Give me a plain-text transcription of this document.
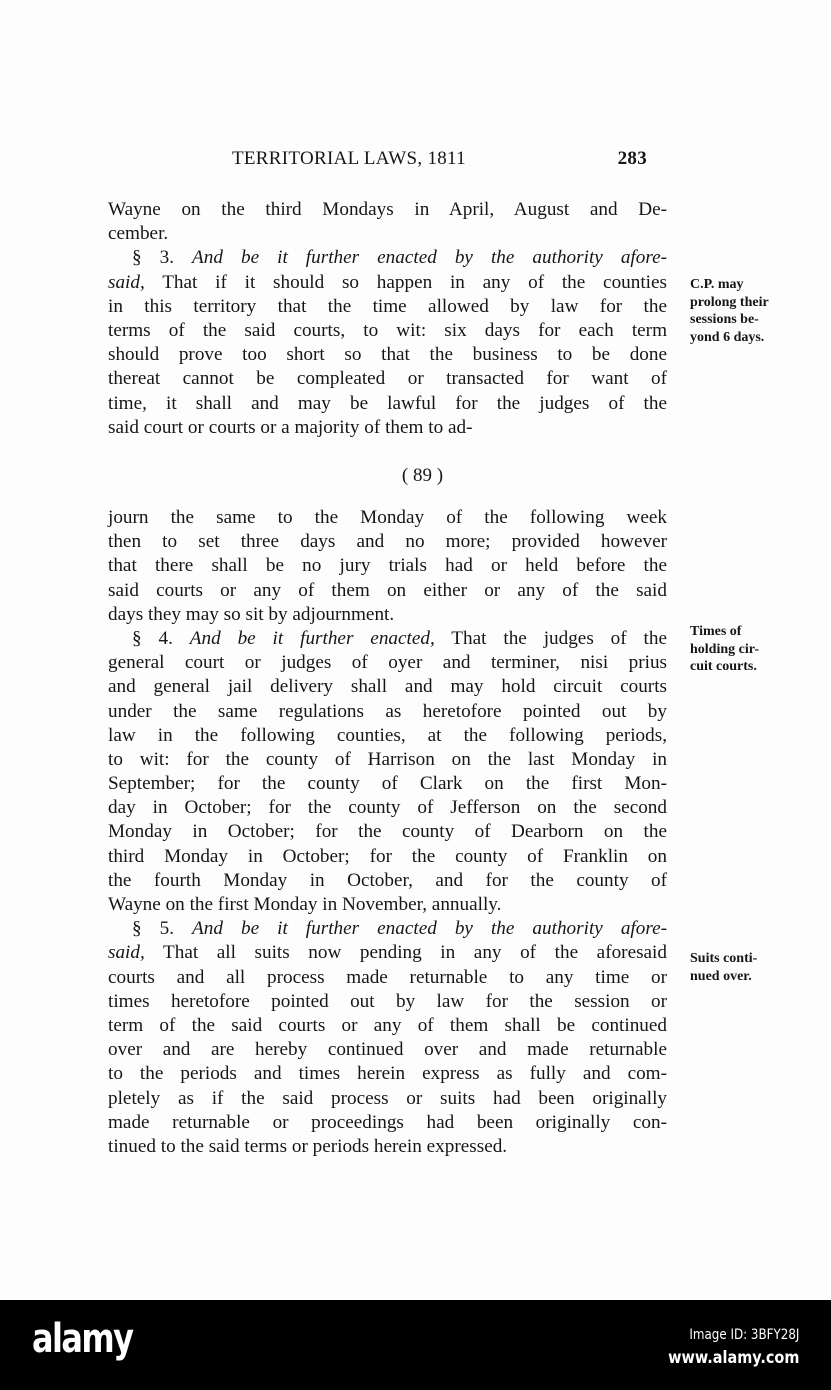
TERRITORIAL LAWS, 1811	283
Wayne on the third Mondays in April, August and De-
cember.
§ 3. And be it further enacted by the authority afore-
said, That if it should so happen in any of the counties
in this territory that the time allowed by law for the
terms of the said courts, to wit: six days for each term
should prove too short so that the business to be done
thereat cannot be compleated or transacted for want of
time, it shall and may be lawful for the judges of the
said court or courts or a majority of them to ad-
( 89 )
journ the same to the Monday of the following week
then to set three days and no more; provided however
that there shall be no jury trials had or held before the
said courts or any of them on either or any of the said
days they may so sit by adjournment.
§ 4. And be it further enacted, That the judges of the
general court or judges of oyer and terminer, nisi prius
and general jail delivery shall and may hold circuit courts
under the same regulations as heretofore pointed out by
law in the following counties, at the following periods,
to wit: for the county of Harrison on the last Monday in
September; for the county of Clark on the first Mon-
day in October; for the county of Jefferson on the second
Monday in October; for the county of Dearborn on the
third Monday in October; for the county of Franklin on
the fourth Monday in October, and for the county of
Wayne on the first Monday in November, annually.
§ 5. And be it further enacted by the authority afore-
said, That all suits now pending in any of the aforesaid
courts and all process made returnable to any time or
times heretofore pointed out by law for the session or
term of the said courts or any of them shall be continued
over and are hereby continued over and made returnable
to the periods and times herein express as fully and com-
pletely as if the said process or suits had been originally
made returnable or proceedings had been originally con-
tinued to the said terms or periods herein expressed.
C.P. may
prolong their
sessions be-
yond 6 days.
Times of
holding cir-
cuit courts.
Suits conti-
nued over.
alamy	Image ID: 3BFY28J
www.alamy.com
